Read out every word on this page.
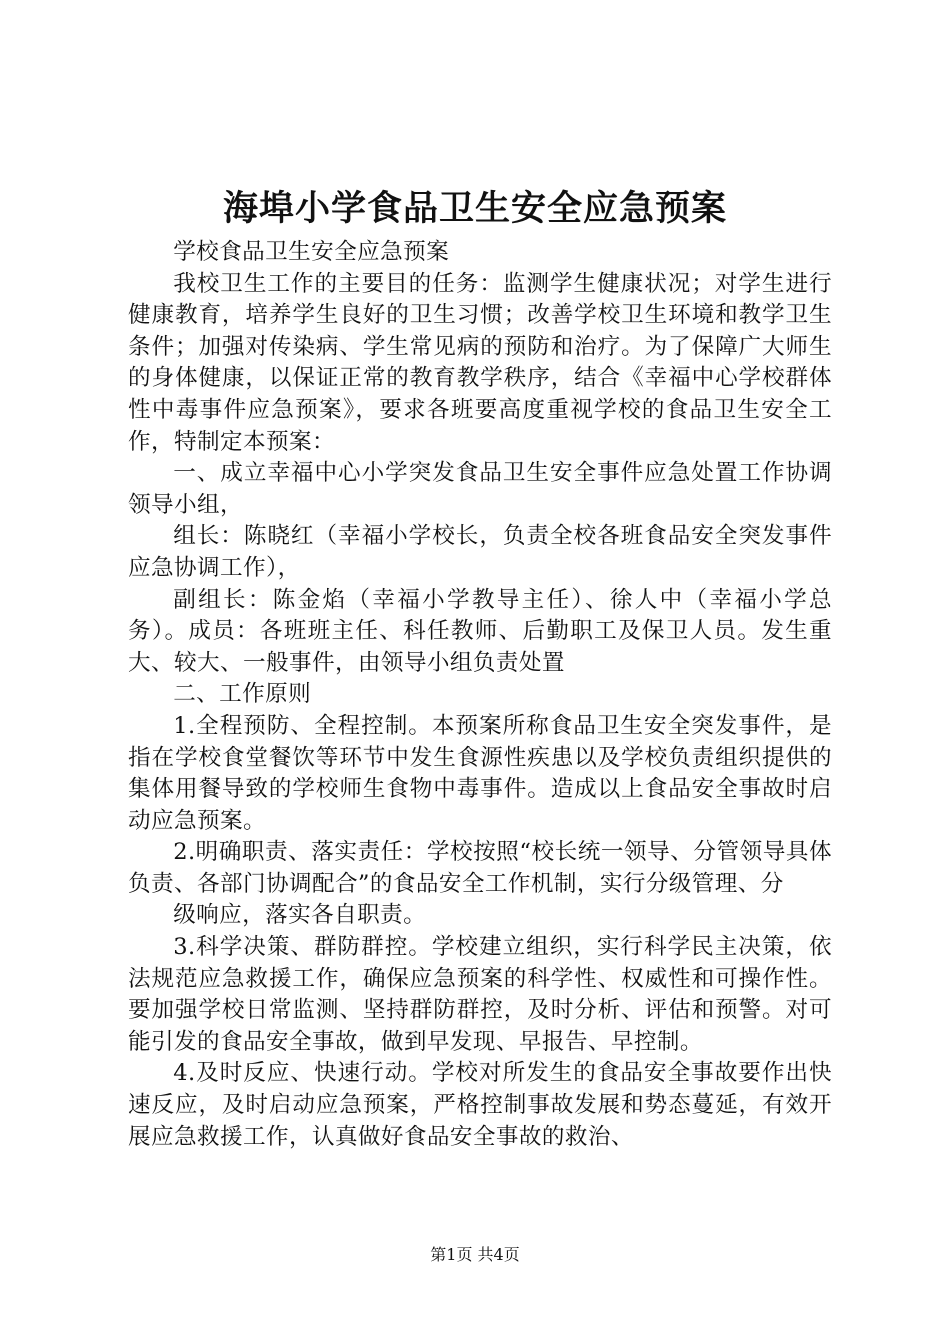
海埠小学食品卫生安全应急预案

学校食品卫生安全应急预案

我校卫生工作的主要目的任务：监测学生健康状况；对学生进行健康教育，培养学生良好的卫生习惯；改善学校卫生环境和教学卫生条件；加强对传染病、学生常见病的预防和治疗。为了保障广大师生的身体健康，以保证正常的教育教学秩序，结合《幸福中心学校群体性中毒事件应急预案》，要求各班要高度重视学校的食品卫生安全工作，特制定本预案：

一、成立幸福中心小学突发食品卫生安全事件应急处置工作协调领导小组，

组长：陈晓红（幸福小学校长，负责全校各班食品安全突发事件应急协调工作），

副组长：陈金焰（幸福小学教导主任）、徐人中（幸福小学总务）。成员：各班班主任、科任教师、后勤职工及保卫人员。发生重大、较大、一般事件，由领导小组负责处置

二、工作原则

1.全程预防、全程控制。本预案所称食品卫生安全突发事件，是指在学校食堂餐饮等环节中发生食源性疾患以及学校负责组织提供的集体用餐导致的学校师生食物中毒事件。造成以上食品安全事故时启动应急预案。

2.明确职责、落实责任：学校按照“校长统一领导、分管领导具体负责、各部门协调配合”的食品安全工作机制，实行分级管理、分

级响应，落实各自职责。

3.科学决策、群防群控。学校建立组织，实行科学民主决策，依法规范应急救援工作，确保应急预案的科学性、权威性和可操作性。要加强学校日常监测、坚持群防群控，及时分析、评估和预警。对可能引发的食品安全事故，做到早发现、早报告、早控制。

4.及时反应、快速行动。学校对所发生的食品安全事故要作出快速反应，及时启动应急预案，严格控制事故发展和势态蔓延，有效开展应急救援工作，认真做好食品安全事故的救治、

第1页 共4页
